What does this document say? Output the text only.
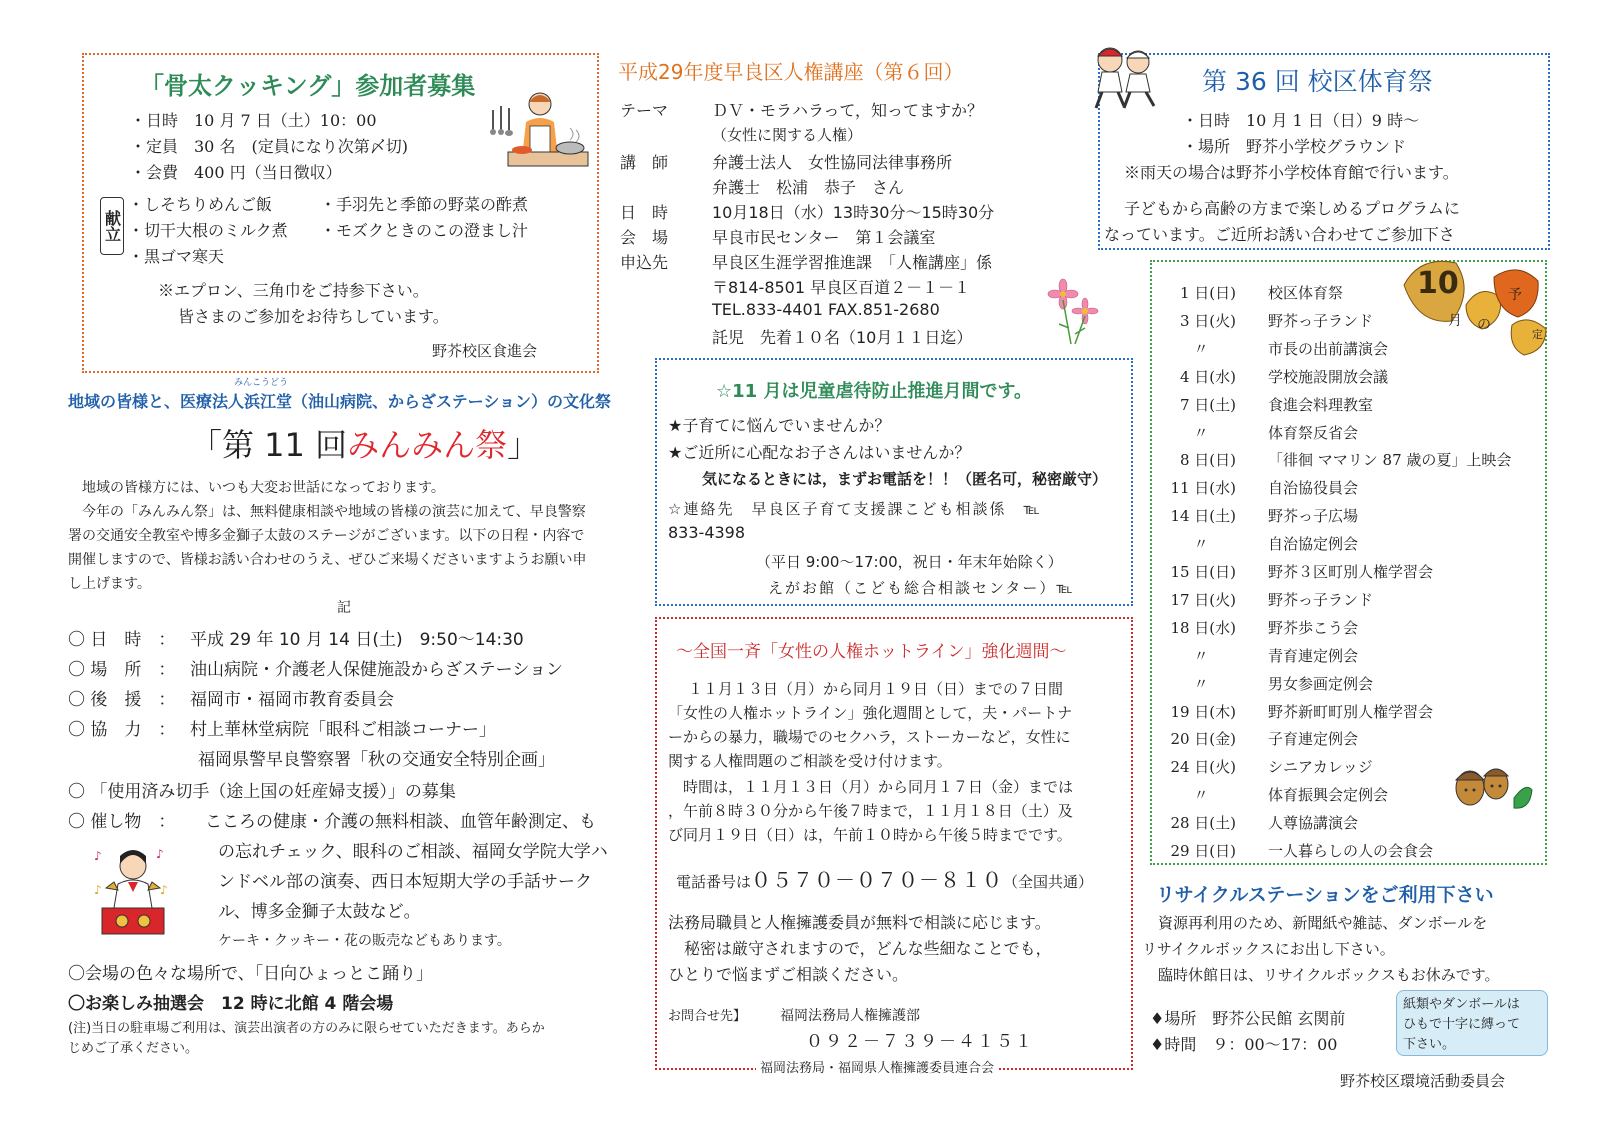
「骨太クッキング」参加者募集
・日時　10 月 7 日（土）10：00
・定員　30 名　(定員になり次第〆切)
・会費　400 円（当日徴収）
献立
・しそちりめんご飯	・手羽先と季節の野菜の酢煮
・切干大根のミルク煮 ・モズクときのこの澄まし汁
・黒ゴマ寒天
※エプロン、三角巾をご持参下さい。
皆さまのご参加をお待ちしています。
野芥校区食進会
みんこうどう
地域の皆様と、医療法人浜江堂（油山病院、からざステーション）の文化祭
「第 11 回みんみん祭」
地域の皆様方には、いつも大変お世話になっております。
今年の「みんみん祭」は、無料健康相談や地域の皆様の演芸に加えて、早良警察
署の交通安全教室や博多金獅子太鼓のステージがございます。以下の日程・内容で
開催しますので、皆様お誘い合わせのうえ、ぜひご来場くださいますようお願い申
し上げます。
記
〇 日　時　： 平成 29 年 10 月 14 日(土)　9:50～14:30
〇 場　所　： 油山病院・介護老人保健施設からざステーション
〇 後　援　： 福岡市・福岡市教育委員会
〇 協　力　： 村上華林堂病院「眼科ご相談コーナー」
福岡県警早良警察署「秋の交通安全特別企画」
〇 「使用済み切手（途上国の妊産婦支援）」の募集
〇 催し物　： こころの健康・介護の無料相談、血管年齢測定、も
の忘れチェック、眼科のご相談、福岡女学院大学ハ
ンドベル部の演奏、西日本短期大学の手話サーク
ル、博多金獅子太鼓など。
ケーキ・クッキー・花の販売などもあります。
♪	♪
♪	♪
〇会場の色々な場所で、「日向ひょっとこ踊り」
〇お楽しみ抽選会　12 時に北館 4 階会場
(注)当日の駐車場ご利用は、演芸出演者の方のみに限らせていただきます。あらか
じめご了承ください。
平成29年度早良区人権講座（第６回）
テーマ	ＤＶ・モラハラって，知ってますか？
（女性に関する人権）
講　師	弁護士法人　女性協同法律事務所
弁護士　松浦　恭子　さん
日　時	10月18日（水）13時30分～15時30分
会　場	早良市民センター　第１会議室
申込先	早良区生涯学習推進課　「人権講座」係
〒814-8501 早良区百道２－１－１
TEL.833-4401 FAX.851-2680
託児　先着１０名（10月１１日迄）
☆11 月は児童虐待防止推進月間です。
★子育てに悩んでいませんか？
★ご近所に心配なお子さんはいませんか？
気になるときには，まずお電話を！！（匿名可，秘密厳守）
☆連絡先　早良区子育て支援課こども相談係　℡
833-4398
（平日 9:00～17:00，祝日・年末年始除く）
えがお館（こども総合相談センター）℡
～全国一斉「女性の人権ホットライン」強化週間～
１１月１３日（月）から同月１９日（日）までの７日間
「女性の人権ホットライン」強化週間として，夫・パートナ
ーからの暴力，職場でのセクハラ，ストーカーなど，女性に
関する人権問題のご相談を受け付けます。
　時間は，１１月１３日（月）から同月１７日（金）までは
，午前８時３０分から午後７時まで，１１月１８日（土）及
び同月１９日（日）は，午前１０時から午後５時までです。
電話番号は０５７０－０７０－８１０（全国共通）
法務局職員と人権擁護委員が無料で相談に応じます。
　秘密は厳守されますので，どんな些細なことでも，
ひとりで悩まずご相談ください。
お問合せ先】 福岡法務局人権擁護部
０９２－７３９－４１５１
福岡法務局・福岡県人権擁護委員連合会
第 36 回 校区体育祭
・日時　10 月 1 日（日）9 時～
・場所　野芥小学校グラウンド
※雨天の場合は野芥小学校体育館で行います。
子どもから高齢の方まで楽しめるプログラムに
なっています。ご近所お誘い合わせてご参加下さ
10
月 の
予
定
1 日(日) 校区体育祭
3 日(火) 野芥っ子ランド
〃	市長の出前講演会
4 日(水) 学校施設開放会議
7 日(土) 食進会料理教室
〃	体育祭反省会
8 日(日) 「徘徊 ママリン 87 歳の夏」上映会
11 日(水) 自治協役員会
14 日(土) 野芥っ子広場
〃	自治協定例会
15 日(日) 野芥３区町別人権学習会
17 日(火) 野芥っ子ランド
18 日(水) 野芥歩こう会
〃	青育連定例会
〃	男女参画定例会
19 日(木) 野芥新町町別人権学習会
20 日(金) 子育連定例会
24 日(火) シニアカレッジ
〃	体育振興会定例会
28 日(土) 人尊協講演会
29 日(日) 一人暮らしの人の会食会
リサイクルステーションをご利用下さい
資源再利用のため、新聞紙や雑誌、ダンボールを
リサイクルボックスにお出し下さい。
臨時休館日は、リサイクルボックスもお休みです。
♦場所　野芥公民館 玄関前
♦時間　９：00～17：00
紙類やダンボールは
ひもで十字に縛って
下さい。
野芥校区環境活動委員会
